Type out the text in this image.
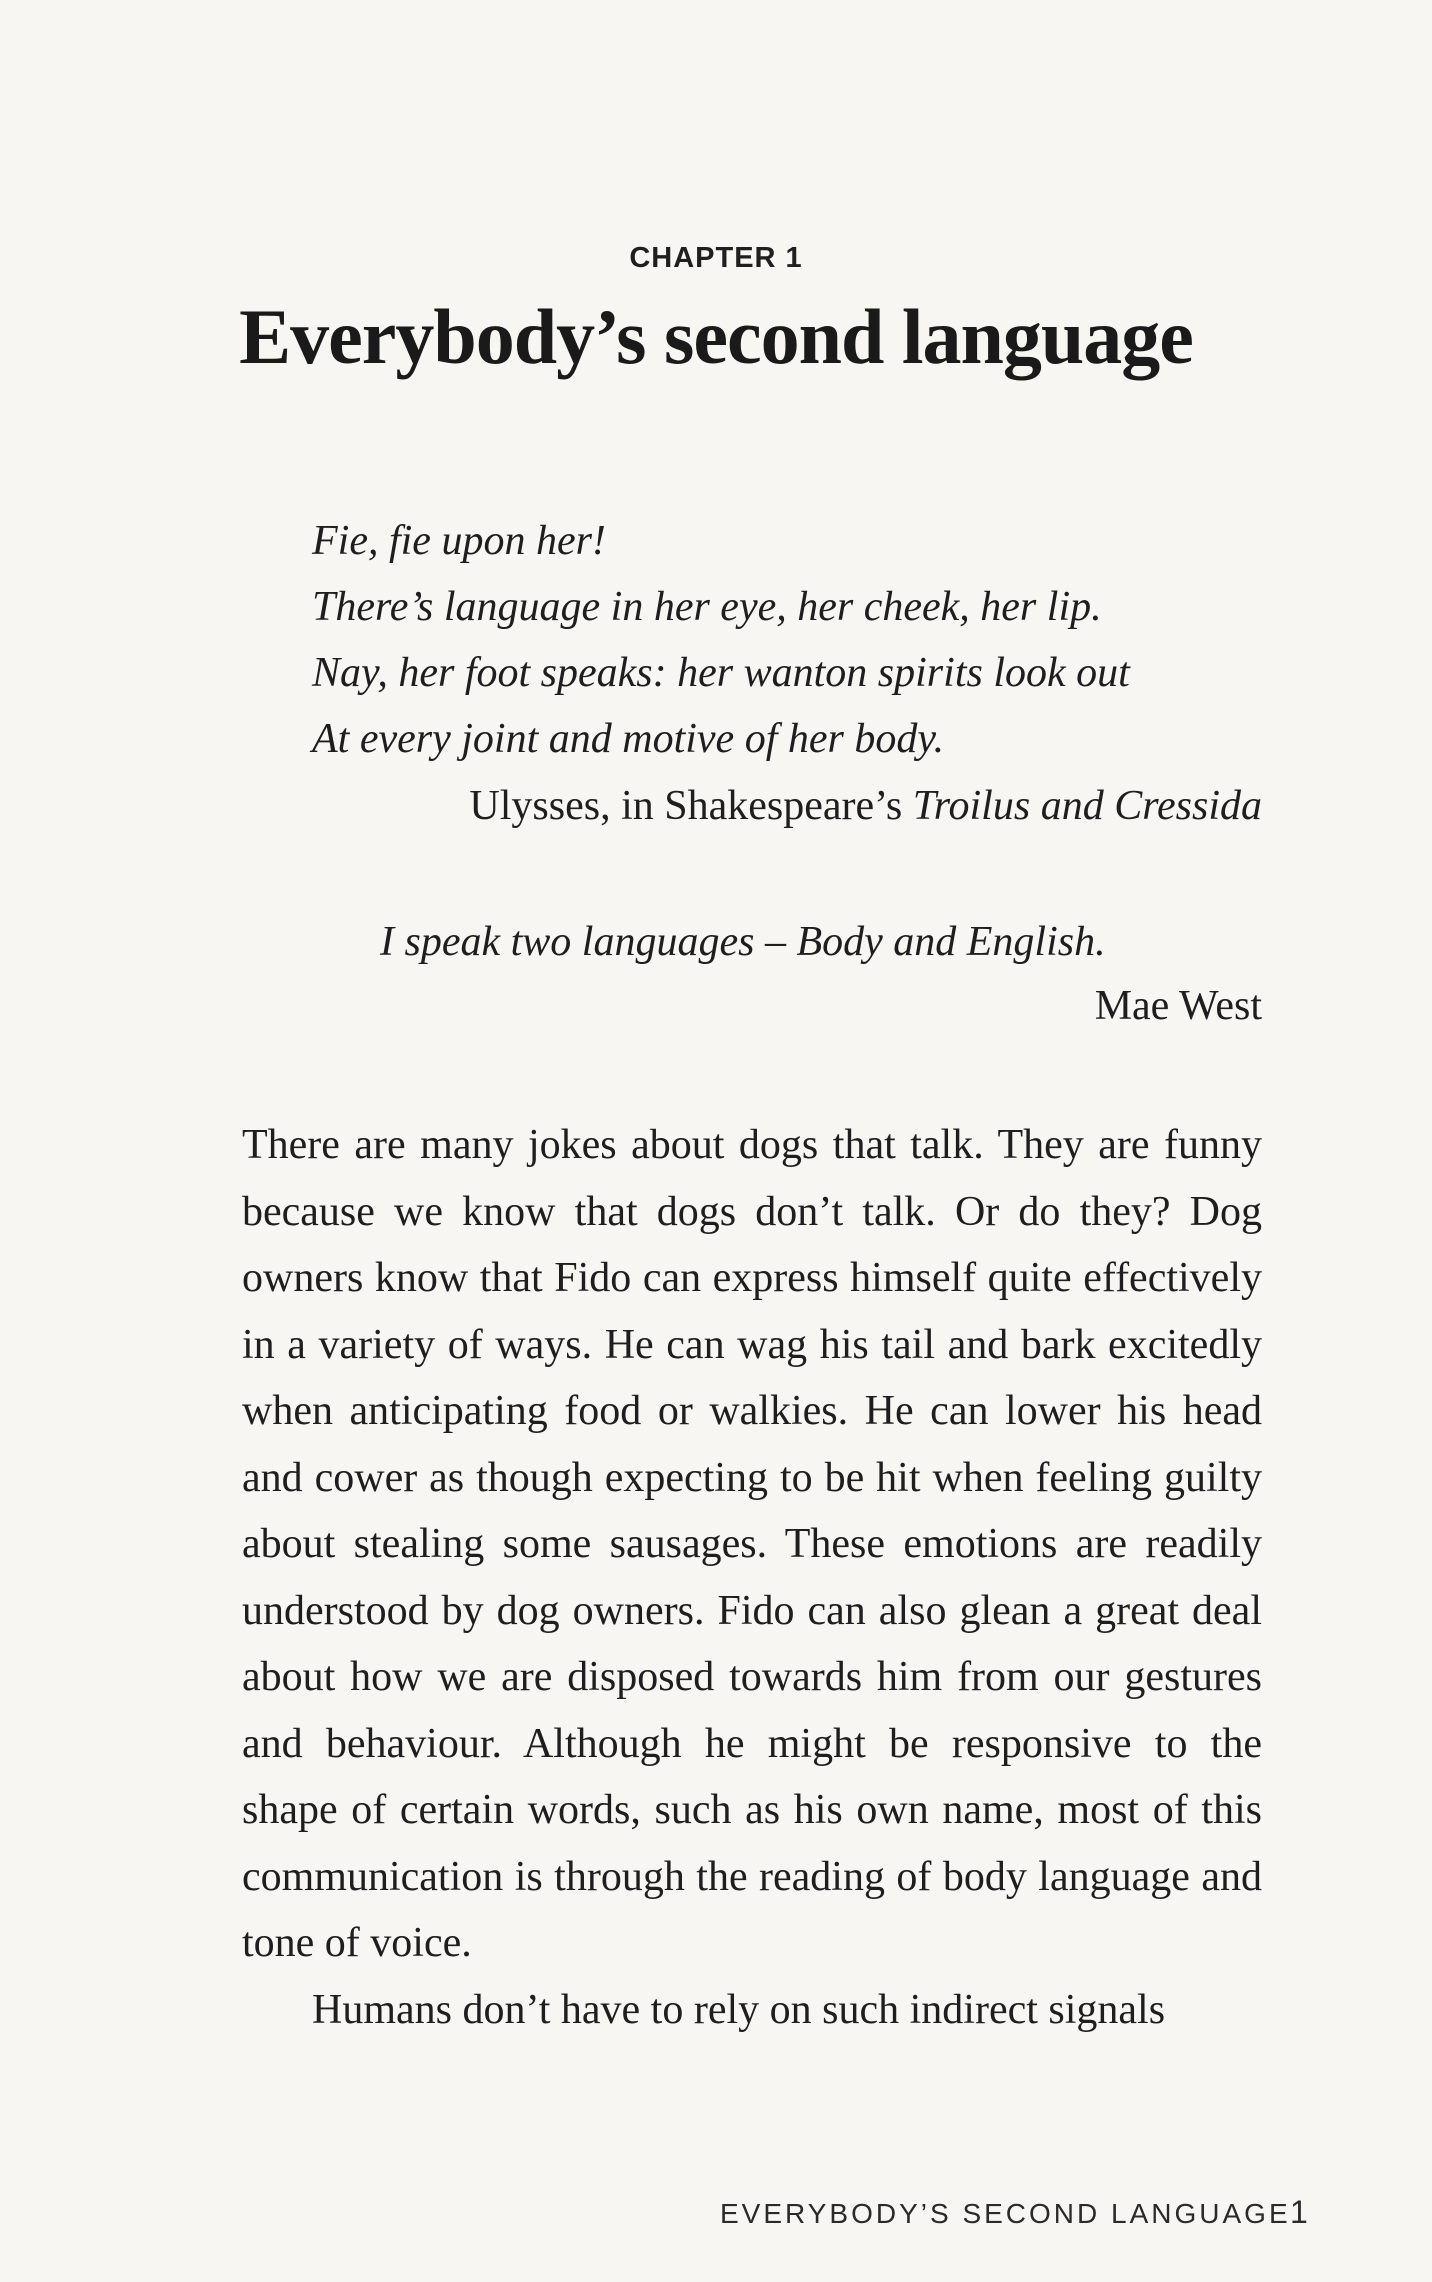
CHAPTER 1
Everybody’s second language
Fie, fie upon her!
There’s language in her eye, her cheek, her lip.
Nay, her foot speaks: her wanton spirits look out
At every joint and motive of her body.
Ulysses, in Shakespeare’s Troilus and Cressida
I speak two languages – Body and English.
Mae West

There are many jokes about dogs that talk. They are funny because we know that dogs don’t talk. Or do they? Dog owners know that Fido can express himself quite effectively in a variety of ways. He can wag his tail and bark excitedly when anticipating food or walkies. He can lower his head and cower as though expecting to be hit when feeling guilty about stealing some sausages. These emotions are readily understood by dog owners. Fido can also glean a great deal about how we are disposed towards him from our gestures and behaviour. Although he might be responsive to the shape of certain words, such as his own name, most of this communication is through the reading of body language and tone of voice.

Humans don’t have to rely on such indirect signals

EVERYBODY’S SECOND LANGUAGE 1
